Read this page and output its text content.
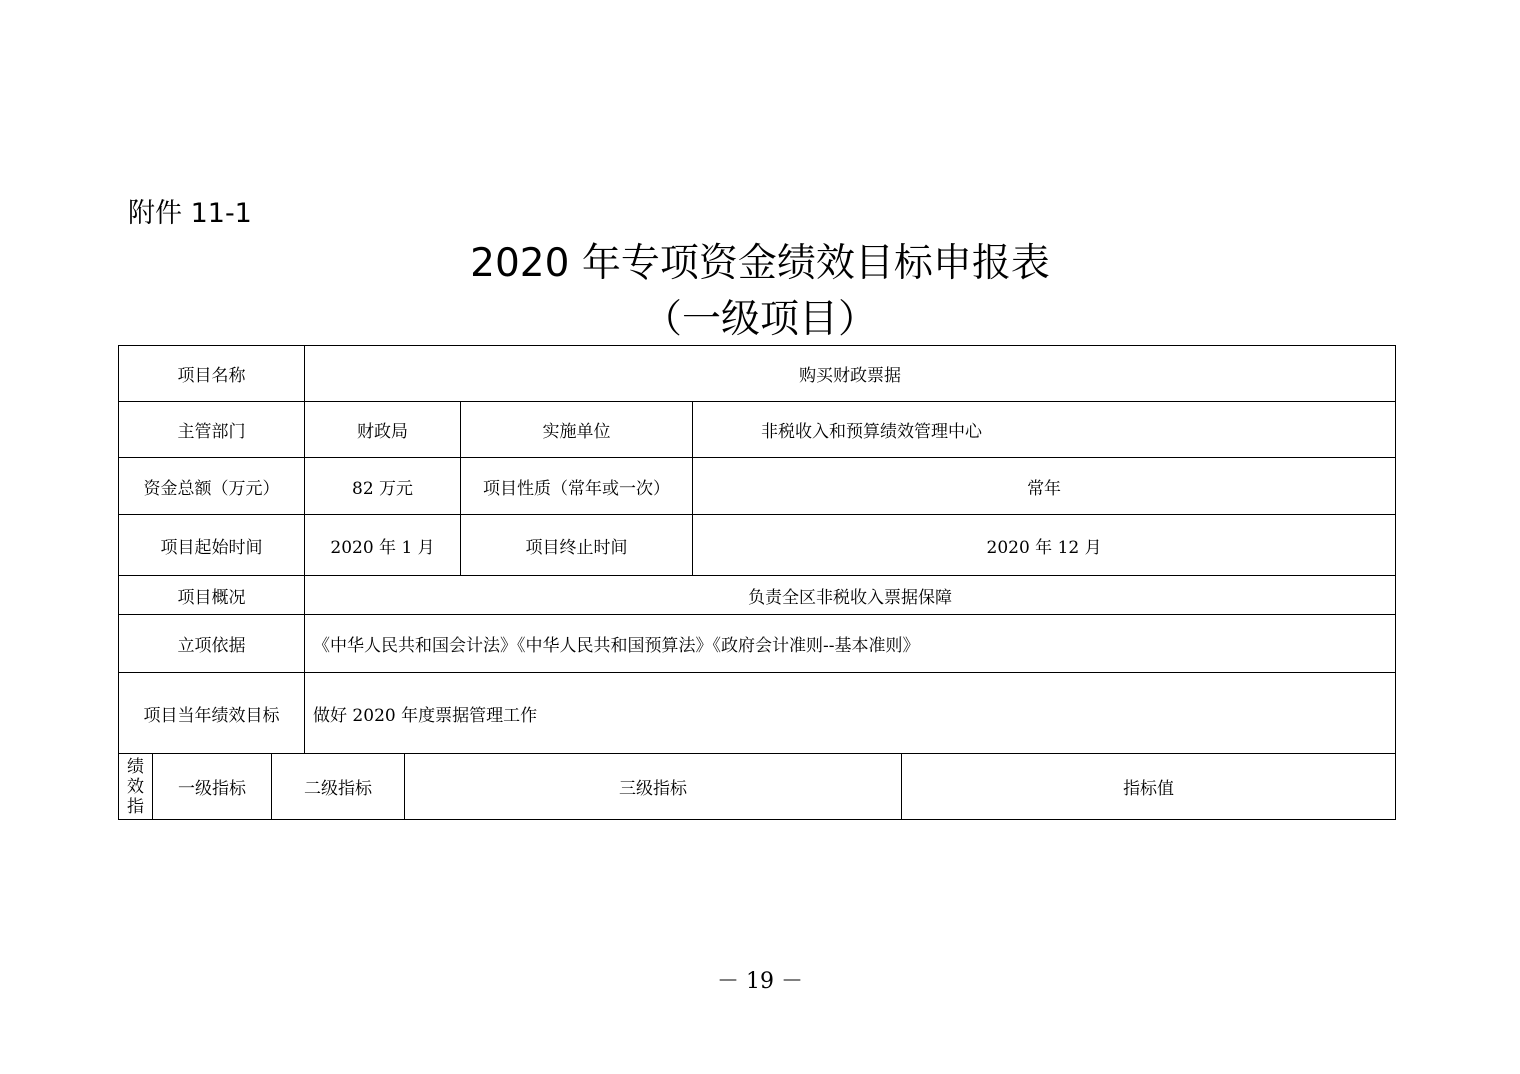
附件 11-1
2020 年专项资金绩效目标申报表
（一级项目）
项目名称			购买财政票据				
主管部门			财政局		实施单位	非税收入和预算绩效管理中心	
资金总额（万元）			82 万元		项目性质（常年或一次）	常年	
项目起始时间			2020 年 1 月		项目终止时间	2020 年 12 月	
项目概况			负责全区非税收入票据保障				
立项依据			《中华人民共和国会计法》《中华人民共和国预算法》《政府会计准则--基本准则》				
项目当年绩效目标			做好 2020 年度票据管理工作				
绩效指	一级指标	二级指标		三级指标			指标值
－ 19 －
